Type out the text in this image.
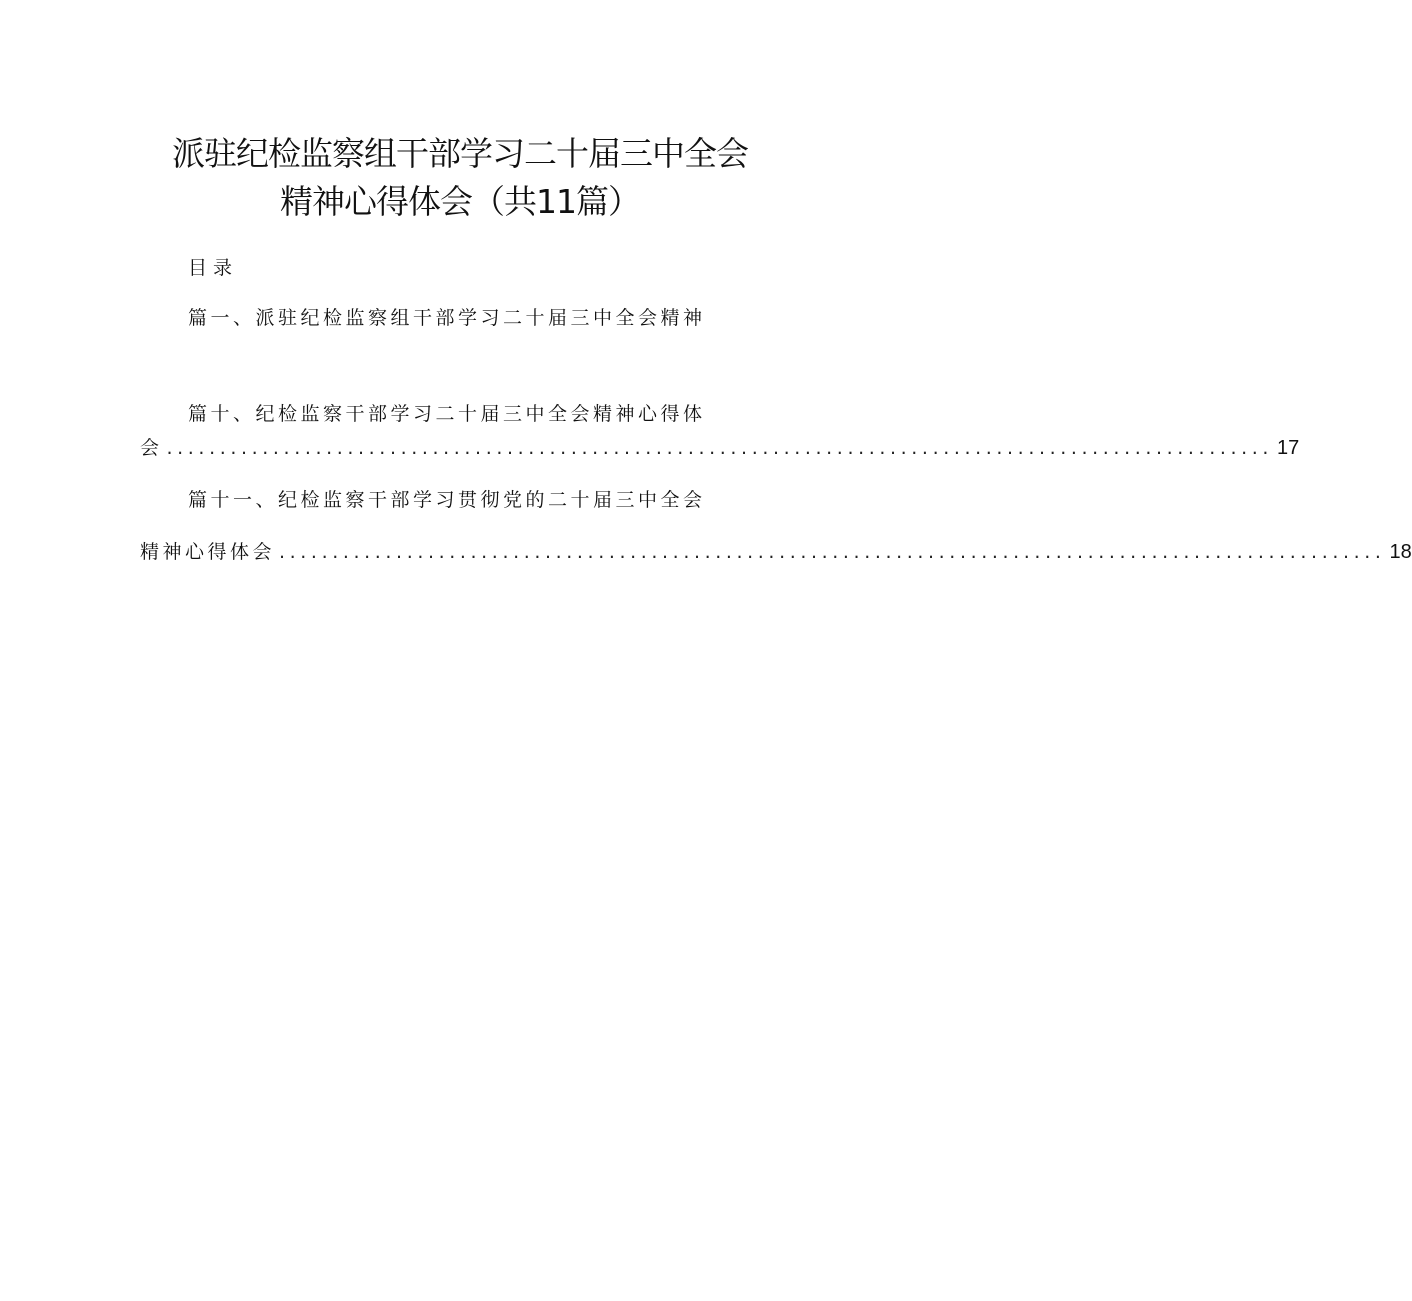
派驻纪检监察组干部学习二十届三中全会
精神心得体会（共11篇）
目录
篇一、派驻纪检监察组干部学习二十届三中全会精神
篇十、纪检监察干部学习二十届三中全会精神心得体
会 ........................................................................................................ 17
篇十一、纪检监察干部学习贯彻党的二十届三中全会
精神心得体会 ........................................................................................................ 18
